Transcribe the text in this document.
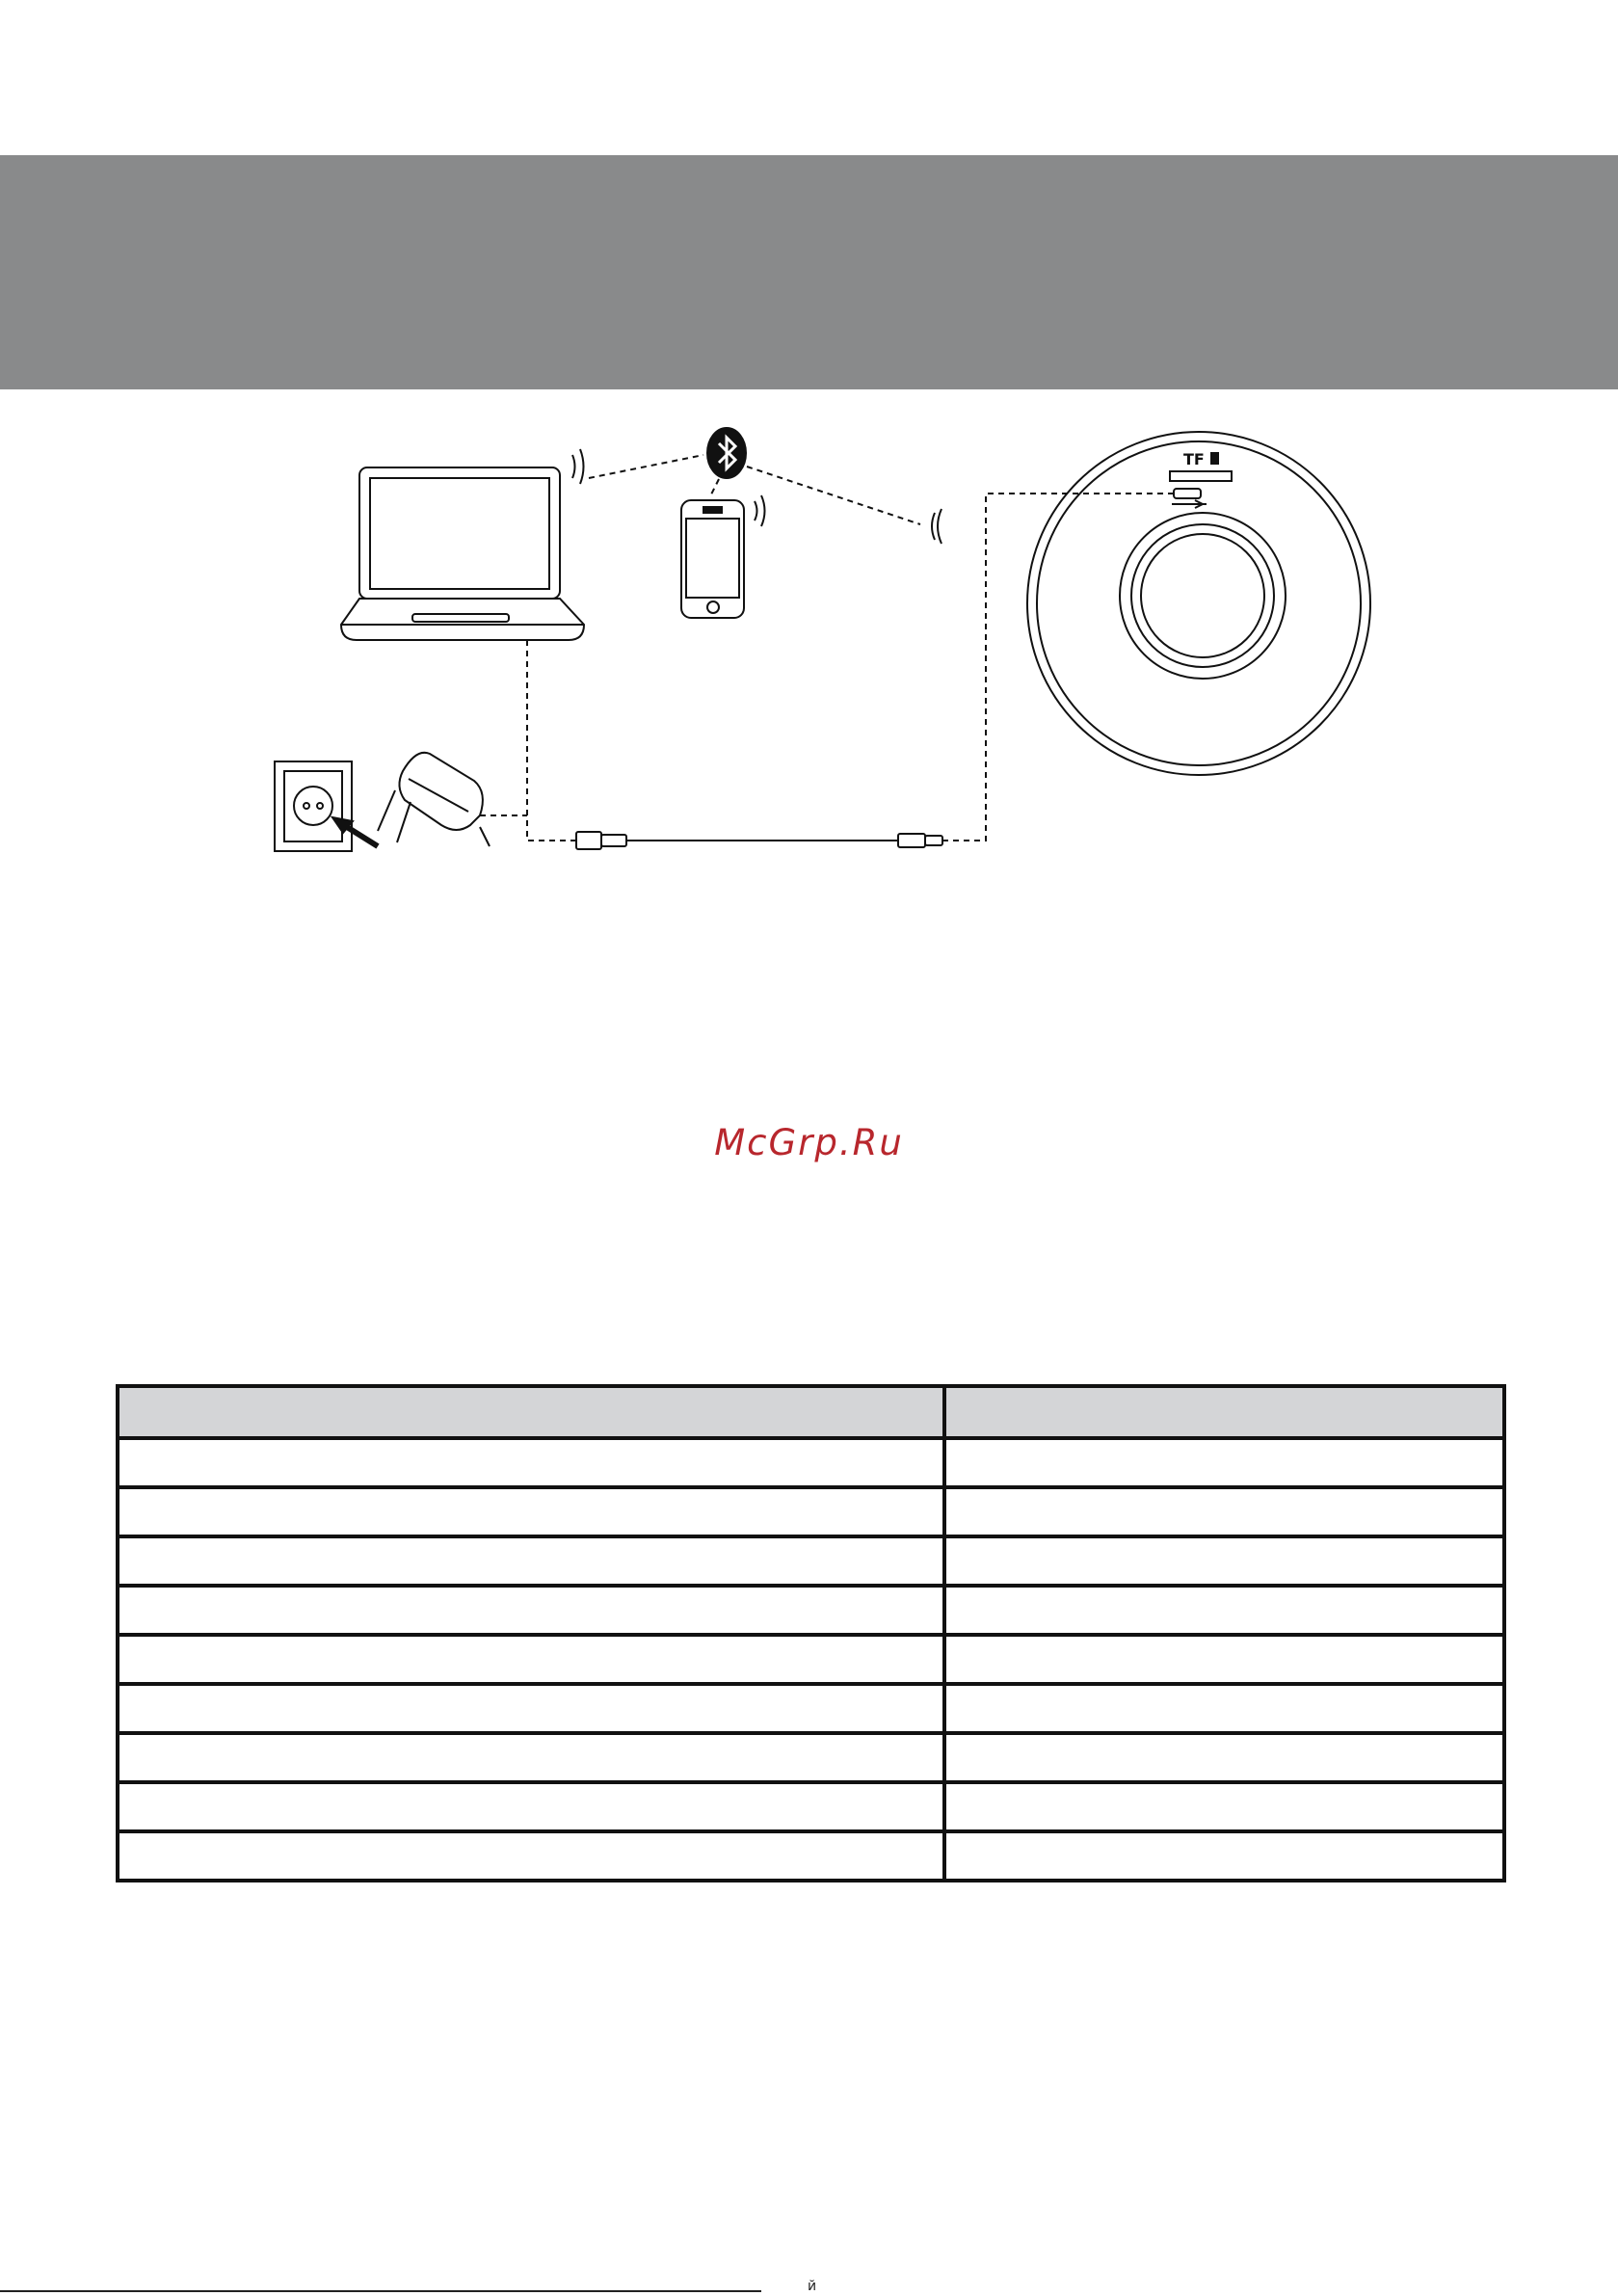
TF
McGrp.Ru

й
